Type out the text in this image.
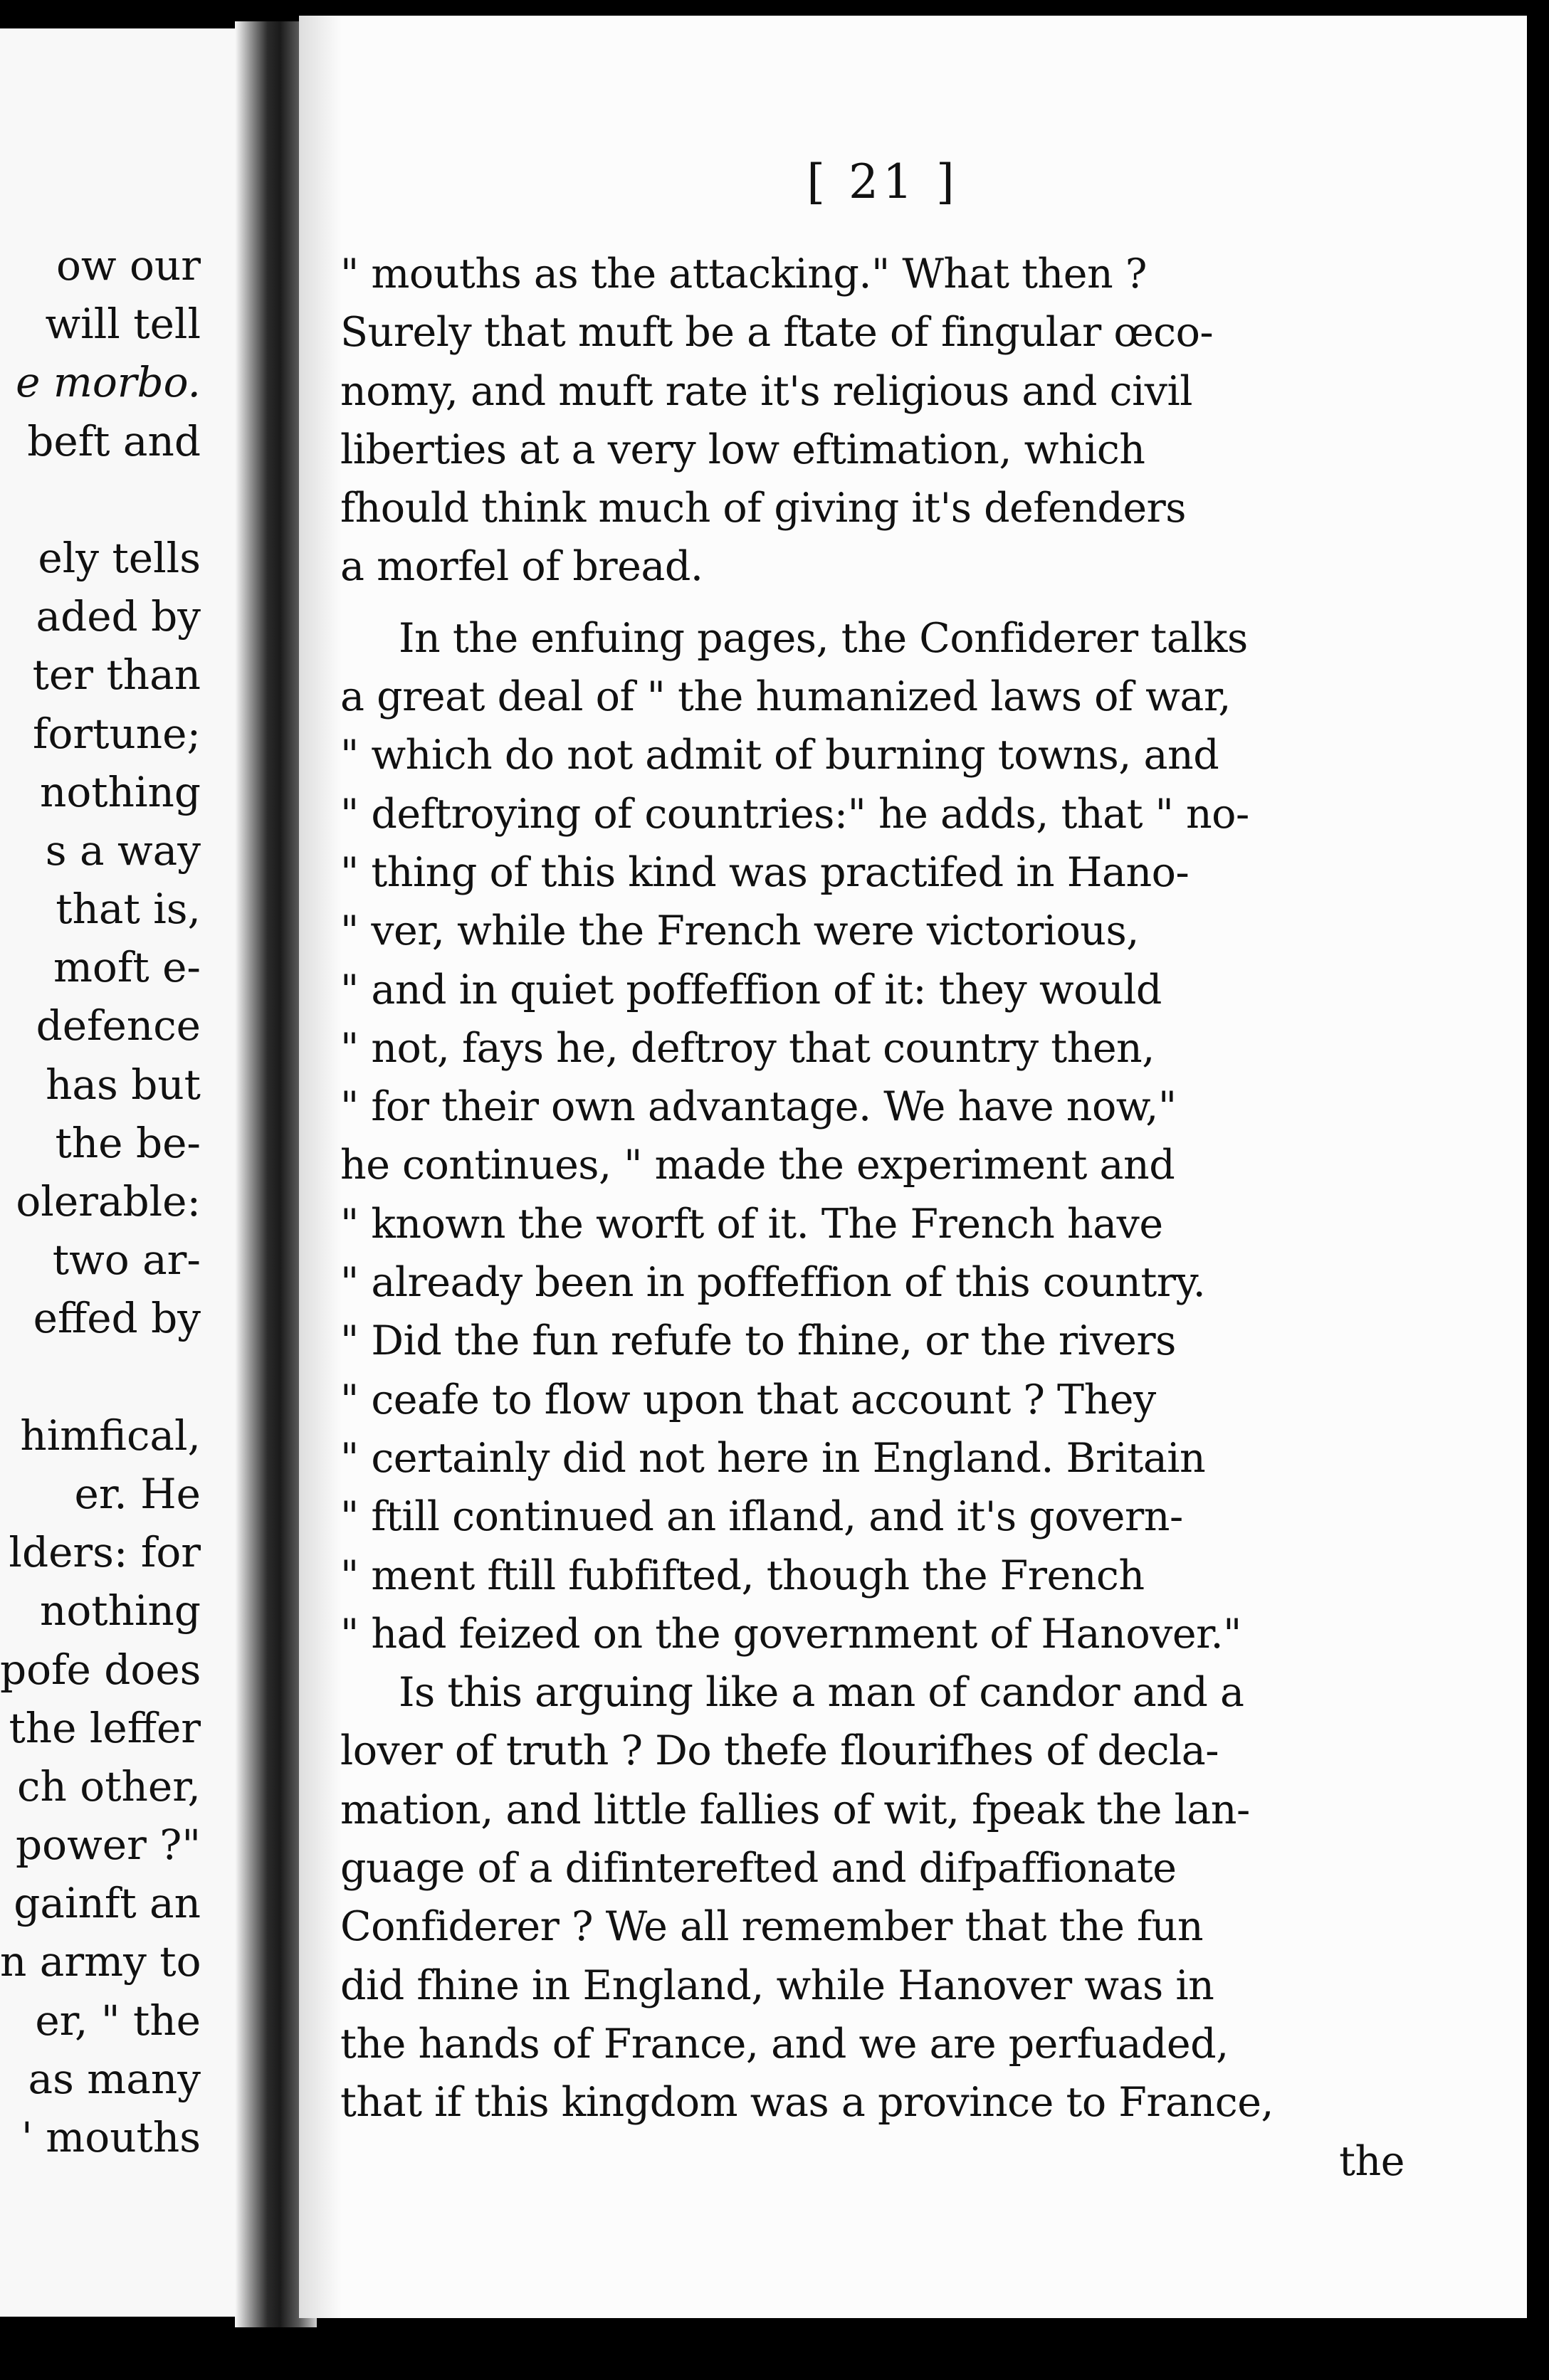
ow our
will tell
e morbo.
beft and
ely tells
aded by
ter than
fortune;
nothing
s a way
that is,
moft e-
defence
has but
the be-
olerable:
two ar-
effed by
himfical,
er. He
lders: for
nothing
pofe does
the leffer
ch other,
power ?"
gainft an
n army to
er, " the
as many
' mouths
[ 21 ]
" mouths as the attacking." What then ?
Surely that muft be a ftate of fingular œco-
nomy, and muft rate it's religious and civil
liberties at a very low eftimation, which
fhould think much of giving it's defenders
a morfel of bread.
In the enfuing pages, the Confiderer talks
a great deal of " the humanized laws of war,
" which do not admit of burning towns, and
" deftroying of countries:" he adds, that " no-
" thing of this kind was practifed in Hano-
" ver, while the French were victorious,
" and in quiet poffeffion of it: they would
" not, fays he, deftroy that country then,
" for their own advantage. We have now,"
he continues, " made the experiment and
" known the worft of it. The French have
" already been in poffeffion of this country.
" Did the fun refufe to fhine, or the rivers
" ceafe to flow upon that account ? They
" certainly did not here in England. Britain
" ftill continued an ifland, and it's govern-
" ment ftill fubfifted, though the French
" had feized on the government of Hanover."
Is this arguing like a man of candor and a
lover of truth ? Do thefe flourifhes of decla-
mation, and little fallies of wit, fpeak the lan-
guage of a difinterefted and difpaffionate
Confiderer ? We all remember that the fun
did fhine in England, while Hanover was in
the hands of France, and we are perfuaded,
that if this kingdom was a province to France,
the
